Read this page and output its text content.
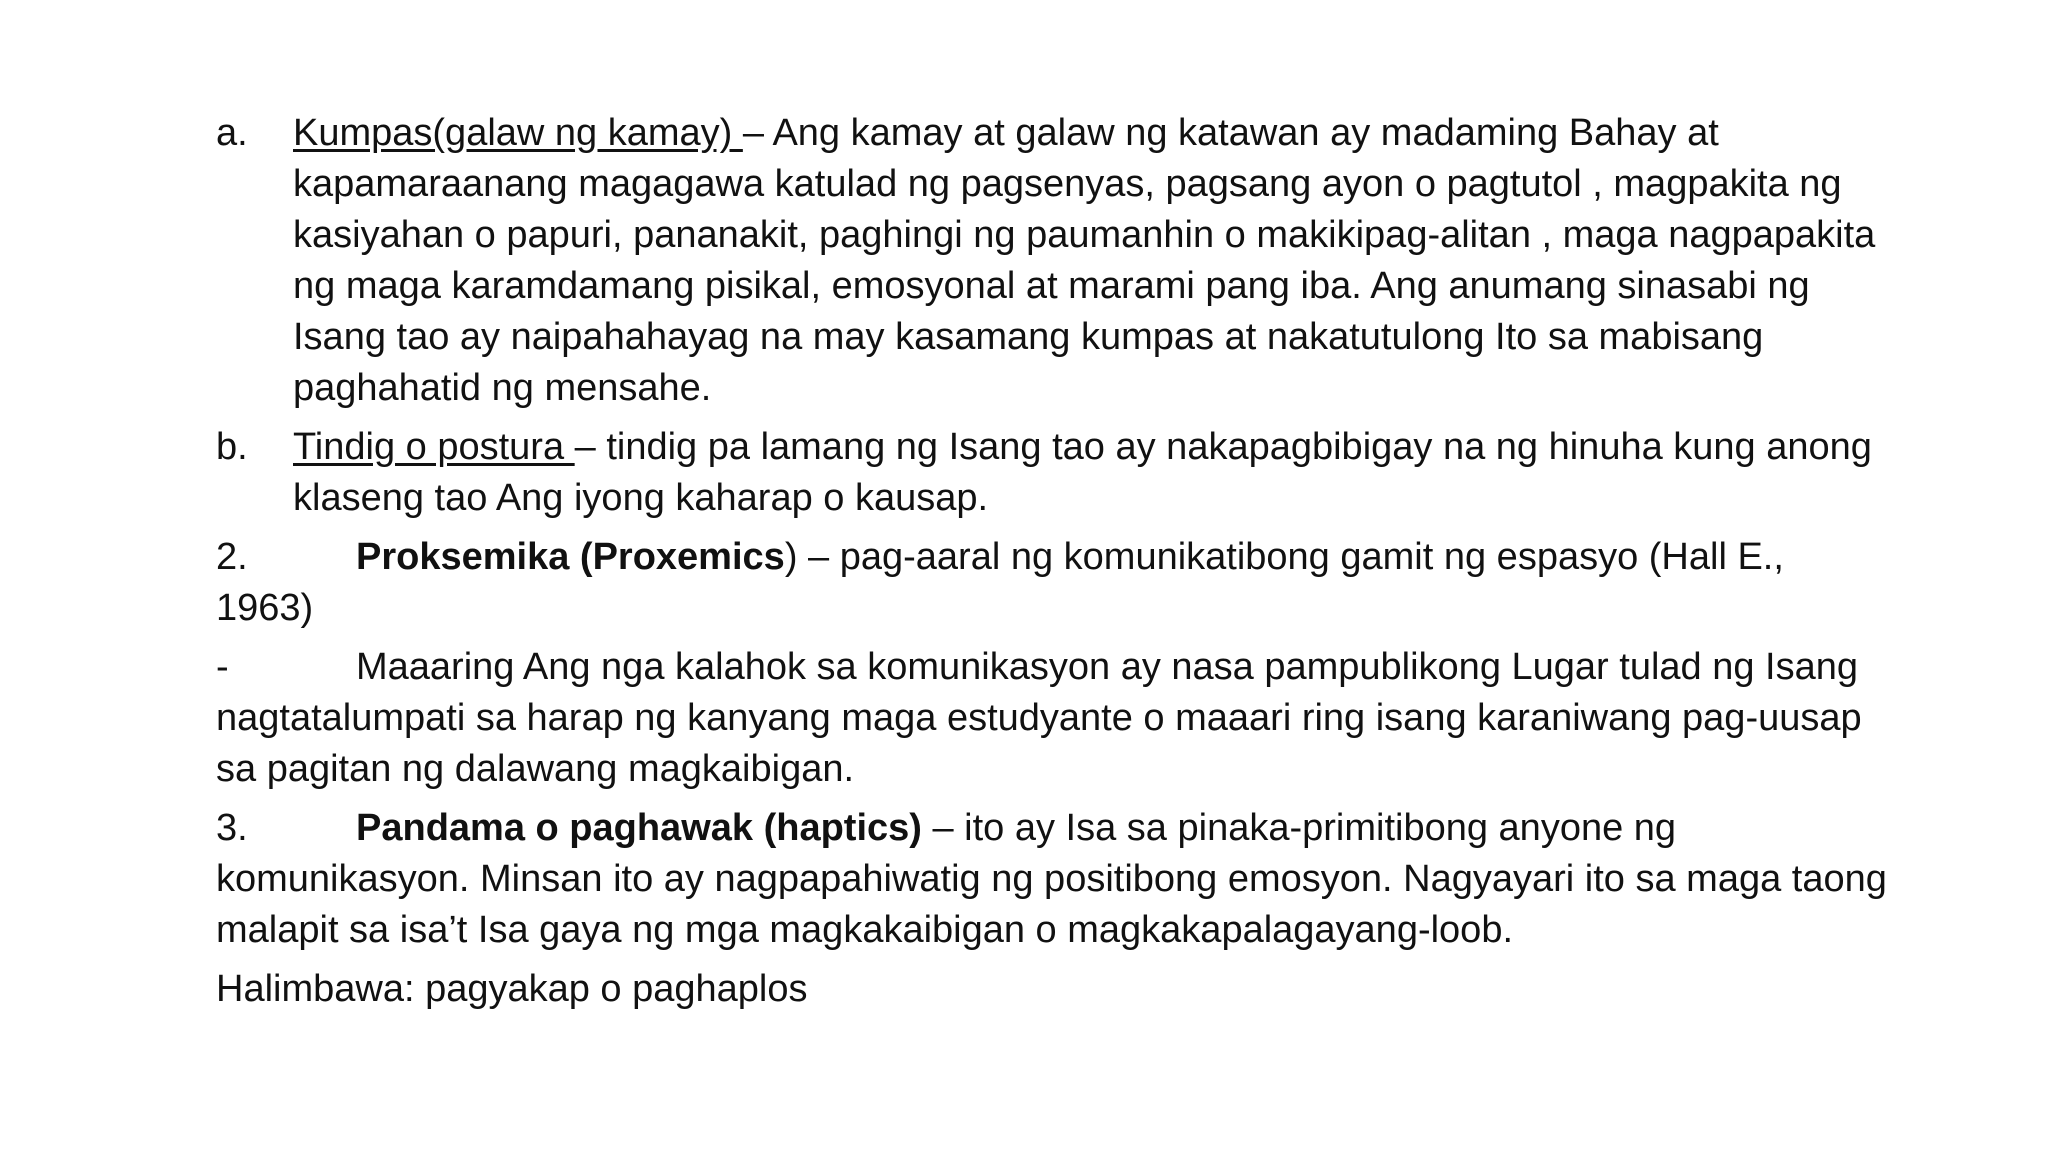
a.	Kumpas(galaw ng kamay) – Ang kamay at galaw ng katawan ay madaming Bahay at kapamaraanang magagawa katulad ng pagsenyas, pagsang ayon o pagtutol , magpakita ng kasiyahan o papuri, pananakit, paghingi ng paumanhin o makikipag-alitan , maga nagpapakita ng maga karamdamang pisikal, emosyonal at marami pang iba. Ang anumang sinasabi ng Isang tao ay naipahahayag na may kasamang kumpas at nakatutulong Ito sa mabisang paghahatid ng mensahe.
b.	Tindig o postura – tindig pa lamang ng Isang tao ay nakapagbibigay na ng hinuha kung anong klaseng tao Ang iyong kaharap o kausap.
2.	Proksemika (Proxemics) – pag-aaral ng komunikatibong gamit ng espasyo (Hall E., 1963)
-	Maaaring Ang nga kalahok sa komunikasyon ay nasa pampublikong Lugar tulad ng Isang nagtatalumpati sa harap ng kanyang maga estudyante o maaari ring isang karaniwang pag-uusap sa pagitan ng dalawang magkaibigan.
3.	Pandama o paghawak (haptics) – ito ay Isa sa pinaka-primitibong anyone ng komunikasyon. Minsan ito ay nagpapahiwatig ng positibong emosyon. Nagyayari ito sa maga taong malapit sa isa’t Isa gaya ng mga magkakaibigan o magkakapalagayang-loob.
Halimbawa: pagyakap o paghaplos
